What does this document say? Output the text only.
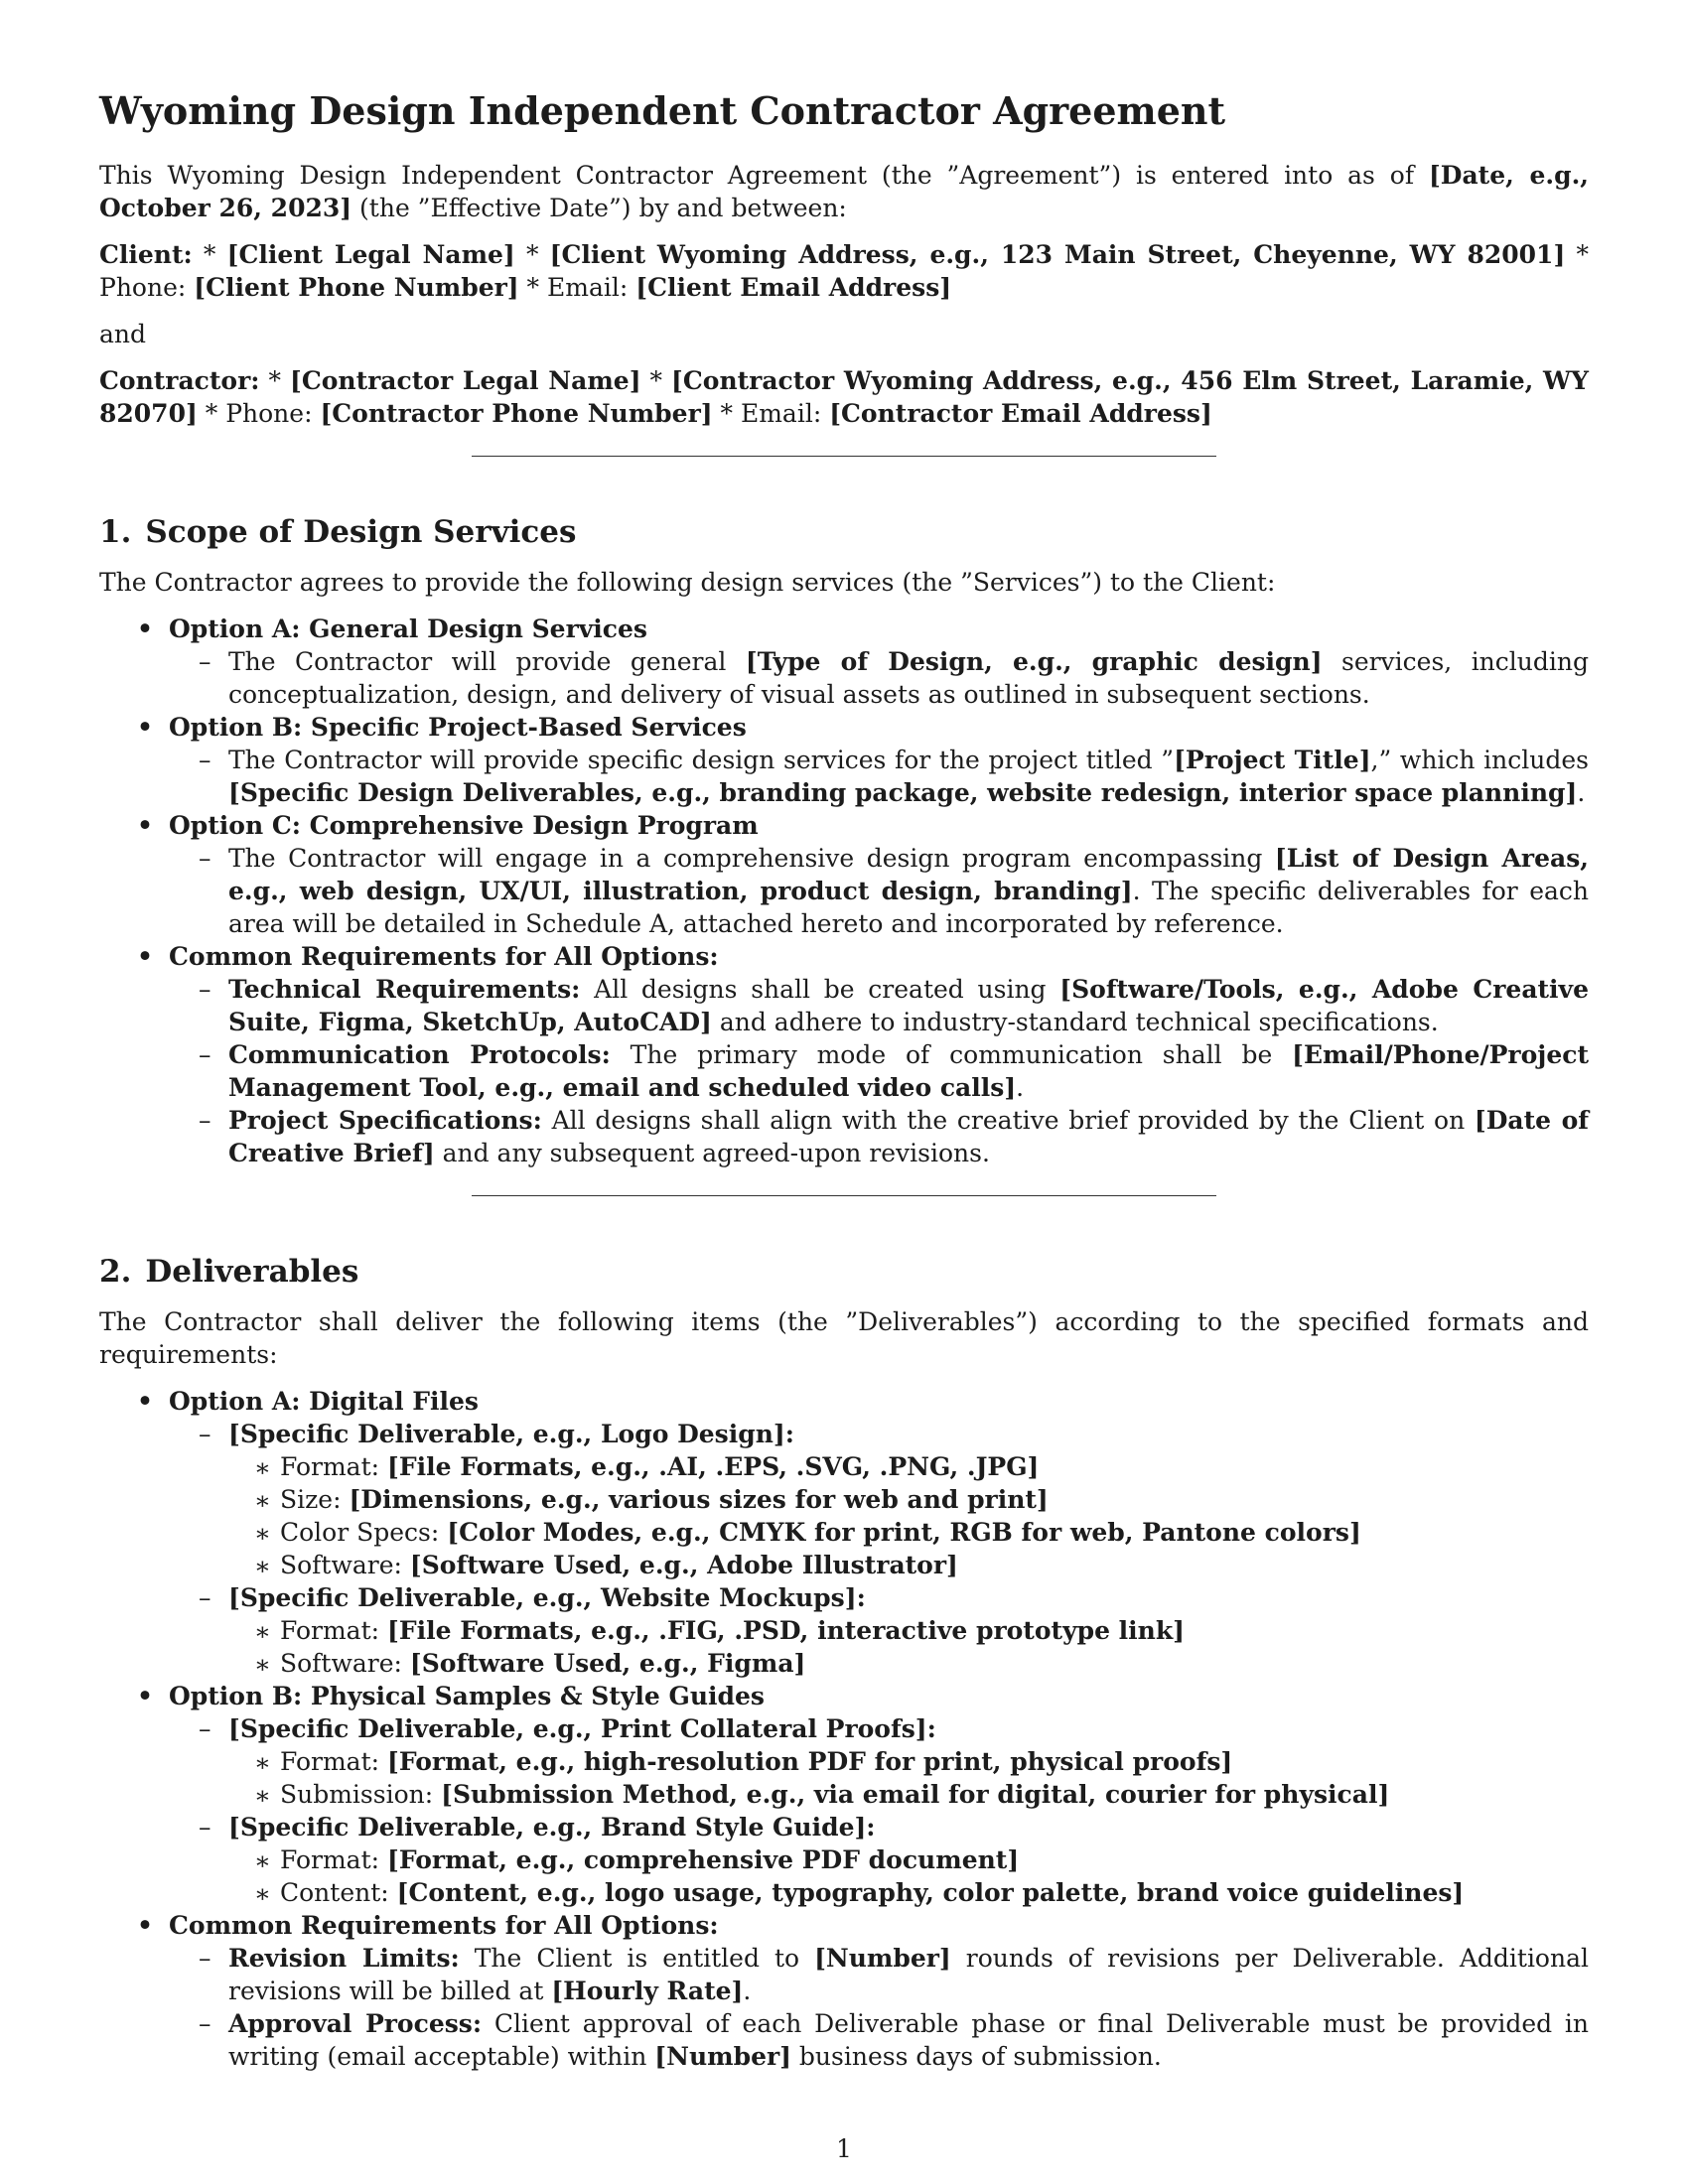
Wyoming Design Independent Contractor Agreement

This Wyoming Design Independent Contractor Agreement (the ”Agreement”) is entered into as of [Date, e.g., October 26, 2023] (the ”Effective Date”) by and between:

Client: * [Client Legal Name] * [Client Wyoming Address, e.g., 123 Main Street, Cheyenne, WY 82001] * Phone: [Client Phone Number] * Email: [Client Email Address]

and

Contractor: * [Contractor Legal Name] * [Contractor Wyoming Address, e.g., 456 Elm Street, Laramie, WY 82070] * Phone: [Contractor Phone Number] * Email: [Contractor Email Address]

1. Scope of Design Services

The Contractor agrees to provide the following design services (the ”Services”) to the Client:

• Option A: General Design Services
– The Contractor will provide general [Type of Design, e.g., graphic design] services, including conceptualization, design, and delivery of visual assets as outlined in subsequent sections.
• Option B: Specific Project-Based Services
– The Contractor will provide specific design services for the project titled ”[Project Title],” which includes [Specific Design Deliverables, e.g., branding package, website redesign, interior space planning].
• Option C: Comprehensive Design Program
– The Contractor will engage in a comprehensive design program encompassing [List of Design Areas, e.g., web design, UX/UI, illustration, product design, branding]. The specific deliverables for each area will be detailed in Schedule A, attached hereto and incorporated by reference.
• Common Requirements for All Options:
– Technical Requirements: All designs shall be created using [Software/Tools, e.g., Adobe Creative Suite, Figma, SketchUp, AutoCAD] and adhere to industry-standard technical specifications.
– Communication Protocols: The primary mode of communication shall be [Email/Phone/Project Management Tool, e.g., email and scheduled video calls].
– Project Specifications: All designs shall align with the creative brief provided by the Client on [Date of Creative Brief] and any subsequent agreed-upon revisions.
2. Deliverables

The Contractor shall deliver the following items (the ”Deliverables”) according to the specified formats and requirements:

• Option A: Digital Files
– [Specific Deliverable, e.g., Logo Design]:
∗ Format: [File Formats, e.g., .AI, .EPS, .SVG, .PNG, .JPG]
∗ Size: [Dimensions, e.g., various sizes for web and print]
∗ Color Specs: [Color Modes, e.g., CMYK for print, RGB for web, Pantone colors]
∗ Software: [Software Used, e.g., Adobe Illustrator]
– [Specific Deliverable, e.g., Website Mockups]:
∗ Format: [File Formats, e.g., .FIG, .PSD, interactive prototype link]
∗ Software: [Software Used, e.g., Figma]
• Option B: Physical Samples & Style Guides
– [Specific Deliverable, e.g., Print Collateral Proofs]:
∗ Format: [Format, e.g., high-resolution PDF for print, physical proofs]
∗ Submission: [Submission Method, e.g., via email for digital, courier for physical]
– [Specific Deliverable, e.g., Brand Style Guide]:
∗ Format: [Format, e.g., comprehensive PDF document]
∗ Content: [Content, e.g., logo usage, typography, color palette, brand voice guidelines]
• Common Requirements for All Options:
– Revision Limits: The Client is entitled to [Number] rounds of revisions per Deliverable. Additional revisions will be billed at [Hourly Rate].
– Approval Process: Client approval of each Deliverable phase or final Deliverable must be provided in writing (email acceptable) within [Number] business days of submission.
1
